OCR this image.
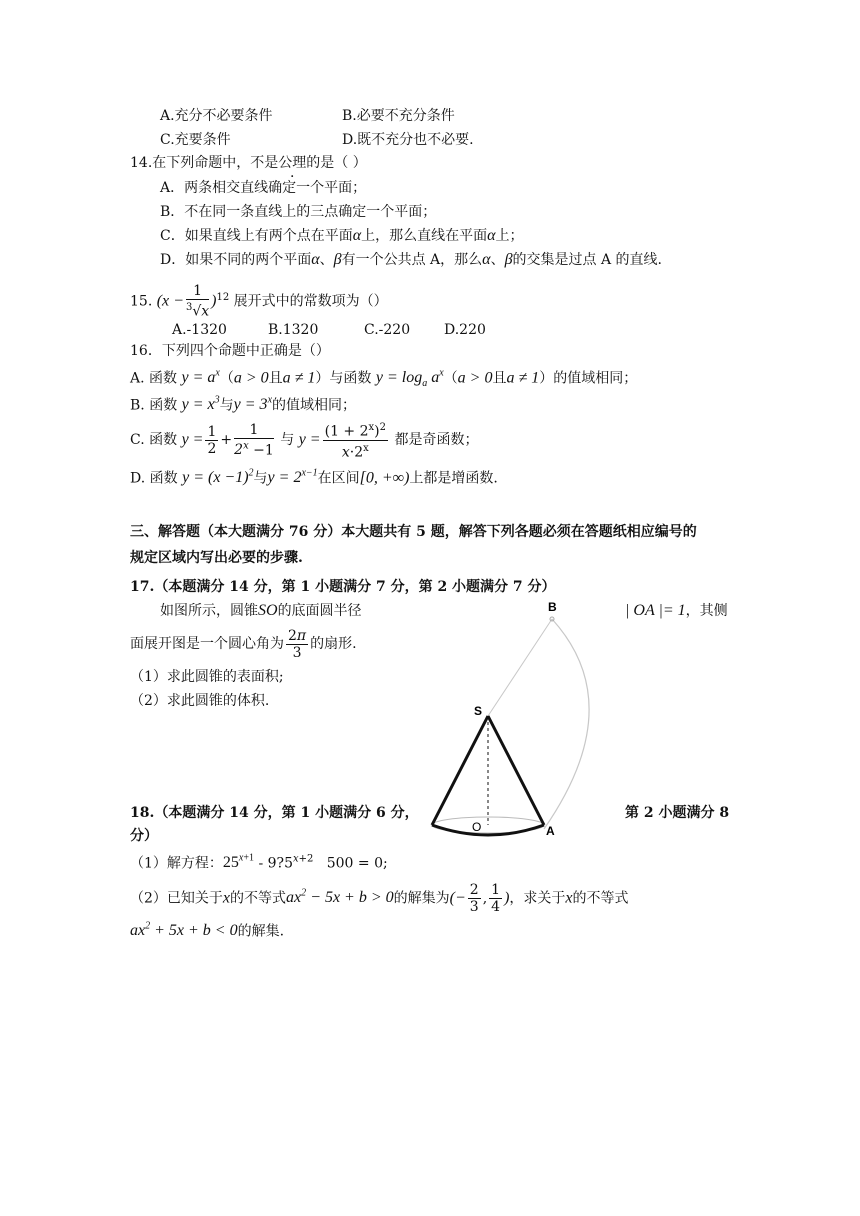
A.充分不必要条件	B.必要不充分条件
C.充要条件	D.既不充分也不必要.
14.在下列命题中，不是公理的是（ ）
A．两条相交直线确定一个平面；
B．不在同一条直线上的三点确定一个平面；
C．如果直线上有两个点在平面α上，那么直线在平面α上；
D．如果不同的两个平面α、β有一个公共点 A，那么α、β的交集是过点 A 的直线.
15. $(x - \frac{1}{^3√x} )^{12}$ 展开式中的常数项为（）
A.-1320	B.1320	C.-220 D.220
16．下列四个命题中正确是（）
A. 函数 $y = a^x(a > 0$且a ≠ 1）与函数 $y = \log_a a^x(a > 0$且a ≠ 1）的值域相同；
B. 函数 $y = x^3$与$y = 3^x$的值域相同；
C. 函数 $y = \frac{1}{2} + \frac{1}{2^x -1}$ 与 $y = \frac{(1 + 2^x)^2}{x\cdot 2^x}$ 都是奇函数；
D. 函数 $y = (x -1)^2$与$y = 2^{x-1}$在区间[0, +∞)上都是增函数.
三、解答题（本大题满分 76 分）本大题共有 5 题，解答下列各题必须在答题纸相应编号的
规定区域内写出必要的步骤.
17.（本题满分 14 分，第 1 小题满分 7 分，第 2 小题满分 7 分）
如图所示，圆锥SO的底面圆半径	| OA |= 1，其侧
面展开图是一个圆心角为 $\frac{2\pi}{3}$ 的扇形.
（1）求此圆锥的表面积;
（2）求此圆锥的体积.
B
S
O	A
18.（本题满分 14 分，第 1 小题满分 6 分，	第 2 小题满分 8
分）
（1）解方程：$25^{x+1}$ - $9?5^{x+2}$ 500 = 0;
（2）已知关于x的不等式$ax^2 - 5x + b > 0$的解集为(− $\frac{2}{3}$ , $\frac{1}{4}$ )，求关于x的不等式
$ax^2 + 5x + b < 0$的解集.
